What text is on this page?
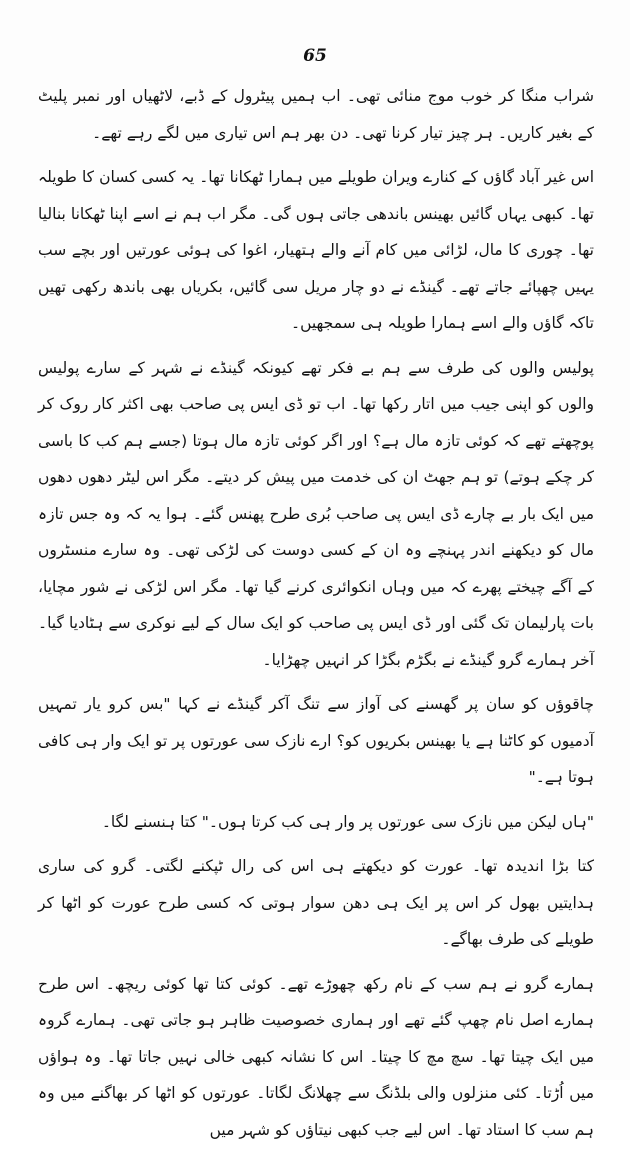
65

شراب منگا کر خوب موج منائی تھی۔ اب ہمیں پیٹرول کے ڈبے، لاٹھیاں اور نمبر پلیٹ کے بغیر کاریں۔ ہر چیز تیار کرنا تھی۔ دن بھر ہم اس تیاری میں لگے رہے تھے۔

اس غیر آباد گاؤں کے کنارے ویران طویلے میں ہمارا ٹھکانا تھا۔ یہ کسی کسان کا طویلہ تھا۔ کبھی یہاں گائیں بھینس باندھی جاتی ہوں گی۔ مگر اب ہم نے اسے اپنا ٹھکانا بنالیا تھا۔ چوری کا مال، لڑائی میں کام آنے والے ہتھیار، اغوا کی ہوئی عورتیں اور بچے سب یہیں چھپائے جاتے تھے۔ گینڈے نے دو چار مریل سی گائیں، بکریاں بھی باندھ رکھی تھیں تاکہ گاؤں والے اسے ہمارا طویلہ ہی سمجھیں۔

پولیس والوں کی طرف سے ہم بے فکر تھے کیونکہ گینڈے نے شہر کے سارے پولیس والوں کو اپنی جیب میں اتار رکھا تھا۔ اب تو ڈی ایس پی صاحب بھی اکثر کار روک کر پوچھتے تھے کہ کوئی تازہ مال ہے؟ اور اگر کوئی تازہ مال ہوتا (جسے ہم کب کا باسی کر چکے ہوتے) تو ہم جھٹ ان کی خدمت میں پیش کر دیتے۔ مگر اس لیٹر دھوں دھوں میں ایک بار بے چارے ڈی ایس پی صاحب بُری طرح پھنس گئے۔ ہوا یہ کہ وہ جس تازہ مال کو دیکھنے اندر پہنچے وہ ان کے کسی دوست کی لڑکی تھی۔ وہ سارے منسٹروں کے آگے چیختے پھرے کہ میں وہاں انکوائری کرنے گیا تھا۔ مگر اس لڑکی نے شور مچایا، بات پارلیمان تک گئی اور ڈی ایس پی صاحب کو ایک سال کے لیے نوکری سے ہٹادیا گیا۔ آخر ہمارے گرو گینڈے نے بگڑم بگڑا کر انہیں چھڑایا۔

چاقوؤں کو سان پر گھسنے کی آواز سے تنگ آکر گینڈے نے کہا "بس کرو یار تمہیں آدمیوں کو کاٹنا ہے یا بھینس بکریوں کو؟ ارے نازک سی عورتوں پر تو ایک وار ہی کافی ہوتا ہے۔"

"ہاں لیکن میں نازک سی عورتوں پر وار ہی کب کرتا ہوں۔" کتا ہنسنے لگا۔

کتا بڑا اندیدہ تھا۔ عورت کو دیکھتے ہی اس کی رال ٹپکنے لگتی۔ گرو کی ساری ہدایتیں بھول کر اس پر ایک ہی دھن سوار ہوتی کہ کسی طرح عورت کو اٹھا کر طویلے کی طرف بھاگے۔

ہمارے گرو نے ہم سب کے نام رکھ چھوڑے تھے۔ کوئی کتا تھا کوئی ریچھ۔ اس طرح ہمارے اصل نام چھپ گئے تھے اور ہماری خصوصیت ظاہر ہو جاتی تھی۔ ہمارے گروہ میں ایک چیتا تھا۔ سچ مچ کا چیتا۔ اس کا نشانہ کبھی خالی نہیں جاتا تھا۔ وہ ہواؤں میں اُڑتا۔ کئی منزلوں والی بلڈنگ سے چھلانگ لگاتا۔ عورتوں کو اٹھا کر بھاگنے میں وہ ہم سب کا استاد تھا۔ اس لیے جب کبھی نیتاؤں کو شہر میں
